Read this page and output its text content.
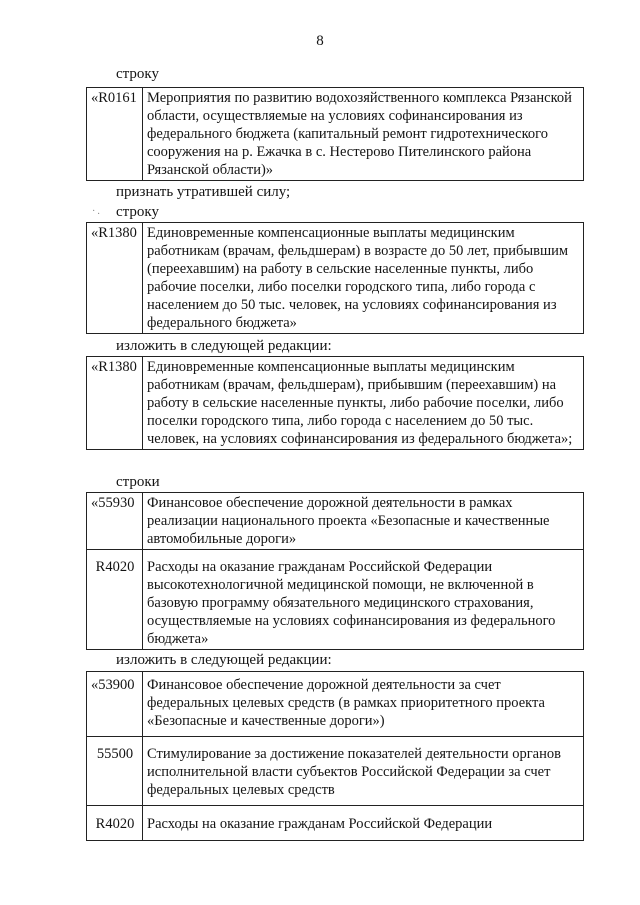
8
строку
«R0161	Мероприятия по развитию водохозяйственного комплекса Рязанской области, осуществляемые на условиях софинансирования из федерального бюджета (капитальный ремонт гидротехнического сооружения на р. Ежачка в с. Нестерово Пителинского района Рязанской области)»
признать утратившей силу;
·. строку
«R1380	Единовременные компенсационные выплаты медицинским работникам (врачам, фельдшерам) в возрасте до 50 лет, прибывшим (переехавшим) на работу в сельские населенные пункты, либо рабочие поселки, либо поселки городского типа, либо города с населением до 50 тыс. человек, на условиях софинансирования из федерального бюджета»
изложить в следующей редакции:
«R1380	Единовременные компенсационные выплаты медицинским работникам (врачам, фельдшерам), прибывшим (переехавшим) на работу в сельские населенные пункты, либо рабочие поселки, либо поселки городского типа, либо города с населением до 50 тыс. человек, на условиях софинансирования из федерального бюджета»;
строки
«55930	Финансовое обеспечение дорожной деятельности в рамках реализации национального проекта «Безопасные и качественные автомобильные дороги»
R4020	Расходы на оказание гражданам Российской Федерации высокотехнологичной медицинской помощи, не включенной в базовую программу обязательного медицинского страхования, осуществляемые на условиях софинансирования из федерального бюджета»
изложить в следующей редакции:
«53900	Финансовое обеспечение дорожной деятельности за счет федеральных целевых средств (в рамках приоритетного проекта «Безопасные и качественные дороги»)
55500	Стимулирование за достижение показателей деятельности органов исполнительной власти субъектов Российской Федерации за счет федеральных целевых средств
R4020	Расходы на оказание гражданам Российской Федерации
